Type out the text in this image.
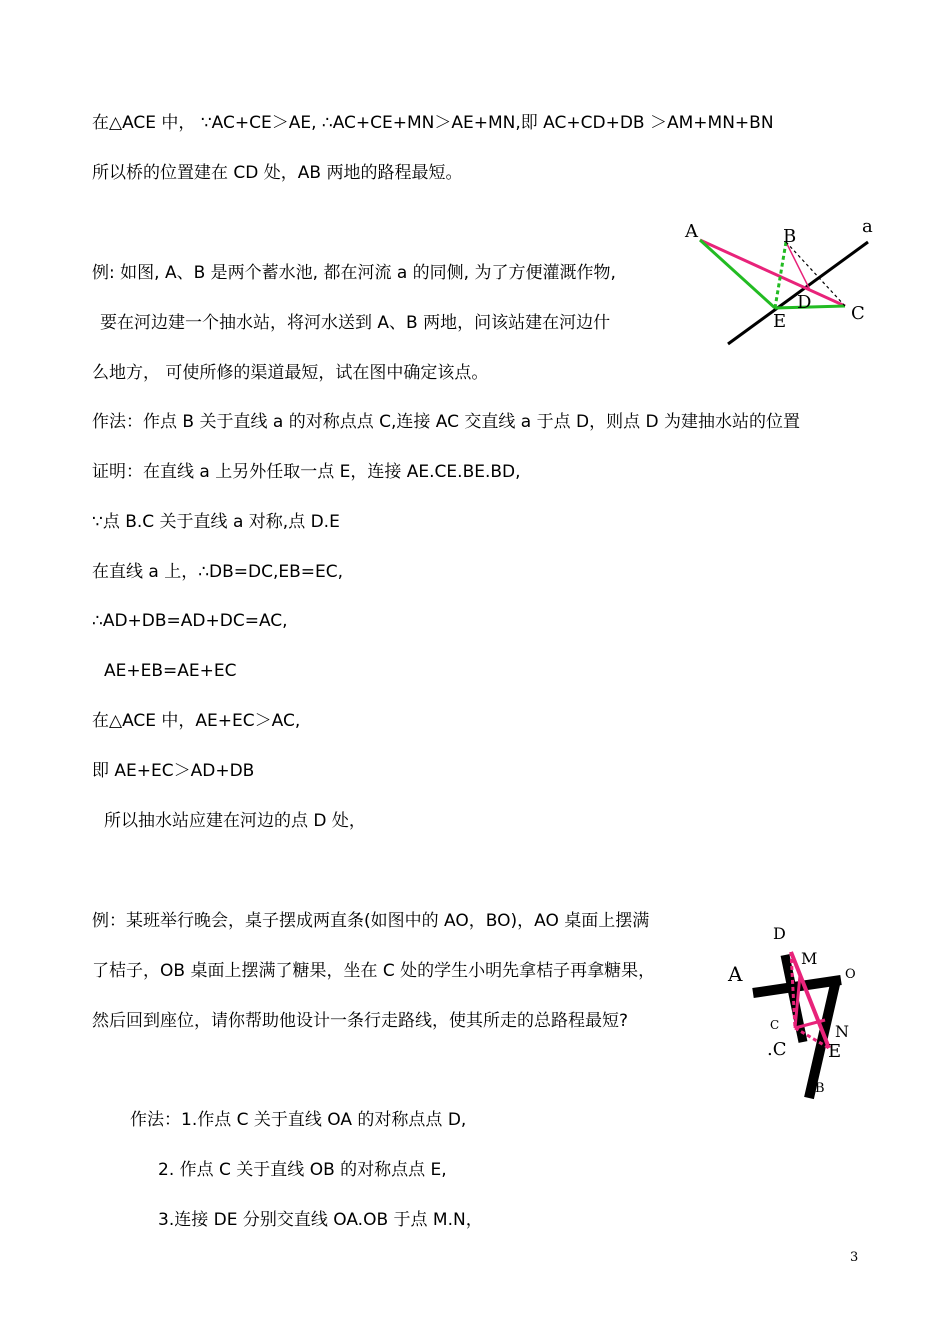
在△ACE 中， ∵AC+CE＞AE, ∴AC+CE+MN＞AE+MN,即 AC+CD+DB ＞AM+MN+BN

所以桥的位置建在 CD 处，AB 两地的路程最短。

例: 如图, A、B 是两个蓄水池, 都在河流 a 的同侧, 为了方便灌溉作物,

要在河边建一个抽水站，将河水送到 A、B 两地，问该站建在河边什

么地方， 可使所修的渠道最短，试在图中确定该点。

作法：作点 B 关于直线 a 的对称点点 C,连接 AC 交直线 a 于点 D，则点 D 为建抽水站的位置

证明：在直线 a 上另外任取一点 E，连接 AE.CE.BE.BD,

∵点 B.C 关于直线 a 对称,点 D.E

在直线 a 上，∴DB=DC,EB=EC,

∴AD+DB=AD+DC=AC,

AE+EB=AE+EC

在△ACE 中，AE+EC＞AC,

即 AE+EC＞AD+DB

所以抽水站应建在河边的点 D 处，

A	B
D
E	C
a

例：某班举行晚会，桌子摆成两直条(如图中的 AO，BO)，AO 桌面上摆满

了桔子，OB 桌面上摆满了糖果，坐在 C 处的学生小明先拿桔子再拿糖果，

然后回到座位，请你帮助他设计一条行走路线，使其所走的总路程最短?

作法：1.作点 C 关于直线 OA 的对称点点 D,

2. 作点 C 关于直线 OB 的对称点点 E,

3.连接 DE 分别交直线 OA.OB 于点 M.N，

D
M
A	O
C	N
.C E
B
3
